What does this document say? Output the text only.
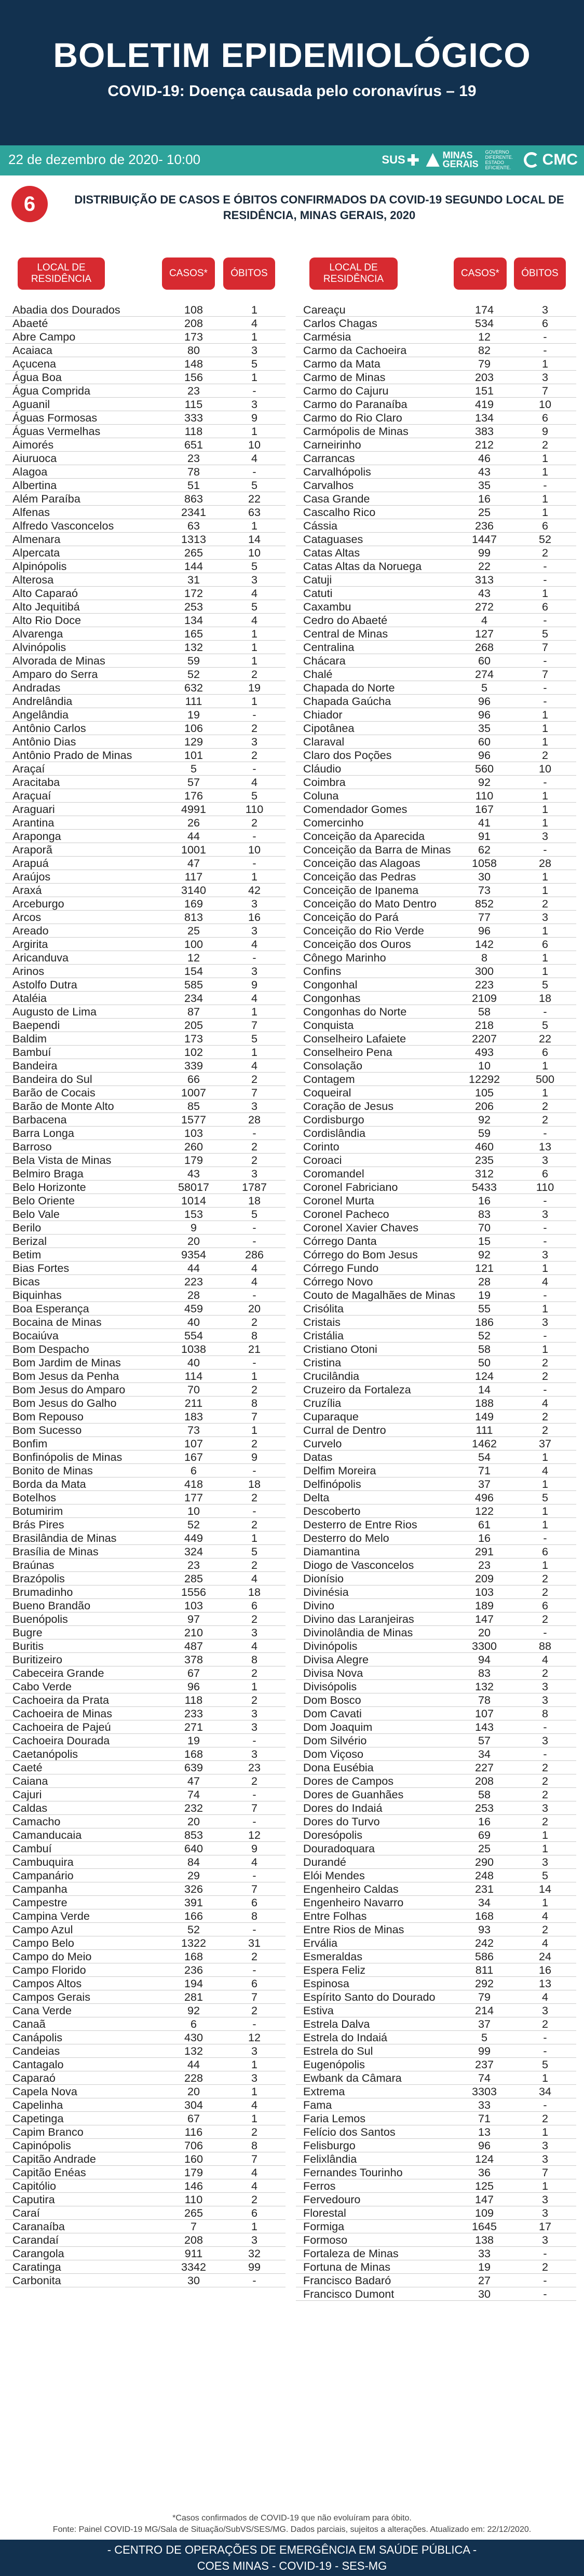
BOLETIM EPIDEMIOLÓGICO
COVID-19: Doença causada pelo coronavírus – 19
22 de dezembro de 2020- 10:00	SUS	MINAS GERAIS
GOVERNO DIFERENTE. ESTADO EFICIENTE.	CMC
6	DISTRIBUIÇÃO DE CASOS E ÓBITOS CONFIRMADOS DA COVID-19 SEGUNDO LOCAL DE RESIDÊNCIA, MINAS GERAIS, 2020
LOCAL DE RESIDÊNCIA
CASOS*	ÓBITOS
LOCAL DE RESIDÊNCIA
CASOS*	ÓBITOS
Abadia dos Dourados	108	1
Abaeté	208	4
Abre Campo	173	1
Acaiaca	80	3
Açucena	148	5
Água Boa	156	1
Água Comprida	23	-
Aguanil	115	3
Águas Formosas	333	9
Águas Vermelhas	118	1
Aimorés	651	10
Aiuruoca	23	4
Alagoa	78	-
Albertina	51	5
Além Paraíba	863	22
Alfenas	2341	63
Alfredo Vasconcelos	63	1
Almenara	1313	14
Alpercata	265	10
Alpinópolis	144	5
Alterosa	31	3
Alto Caparaó	172	4
Alto Jequitibá	253	5
Alto Rio Doce	134	4
Alvarenga	165	1
Alvinópolis	132	1
Alvorada de Minas	59	1
Amparo do Serra	52	2
Andradas	632	19
Andrelândia	111	1
Angelândia	19	-
Antônio Carlos	106	2
Antônio Dias	129	3
Antônio Prado de Minas	101	2
Araçaí	5	-
Aracitaba	57	4
Araçuaí	176	5
Araguari	4991	110
Arantina	26	2
Araponga	44	-
Araporã	1001	10
Arapuá	47	-
Araújos	117	1
Araxá	3140	42
Arceburgo	169	3
Arcos	813	16
Areado	25	3
Argirita	100	4
Aricanduva	12	-
Arinos	154	3
Astolfo Dutra	585	9
Ataléia	234	4
Augusto de Lima	87	1
Baependi	205	7
Baldim	173	5
Bambuí	102	1
Bandeira	339	4
Bandeira do Sul	66	2
Barão de Cocais	1007	7
Barão de Monte Alto	85	3
Barbacena	1577	28
Barra Longa	103	-
Barroso	260	2
Bela Vista de Minas	179	2
Belmiro Braga	43	3
Belo Horizonte	58017	1787
Belo Oriente	1014	18
Belo Vale	153	5
Berilo	9	-
Berizal	20	-
Betim	9354	286
Bias Fortes	44	4
Bicas	223	4
Biquinhas	28	-
Boa Esperança	459	20
Bocaina de Minas	40	2
Bocaiúva	554	8
Bom Despacho	1038	21
Bom Jardim de Minas	40	-
Bom Jesus da Penha	114	1
Bom Jesus do Amparo	70	2
Bom Jesus do Galho	211	8
Bom Repouso	183	7
Bom Sucesso	73	1
Bonfim	107	2
Bonfinópolis de Minas	167	9
Bonito de Minas	6	-
Borda da Mata	418	18
Botelhos	177	2
Botumirim	10	-
Brás Pires	52	2
Brasilândia de Minas	449	1
Brasília de Minas	324	5
Braúnas	23	2
Brazópolis	285	4
Brumadinho	1556	18
Bueno Brandão	103	6
Buenópolis	97	2
Bugre	210	3
Buritis	487	4
Buritizeiro	378	8
Cabeceira Grande	67	2
Cabo Verde	96	1
Cachoeira da Prata	118	2
Cachoeira de Minas	233	3
Cachoeira de Pajeú	271	3
Cachoeira Dourada	19	-
Caetanópolis	168	3
Caeté	639	23
Caiana	47	2
Cajuri	74	-
Caldas	232	7
Camacho	20	-
Camanducaia	853	12
Cambuí	640	9
Cambuquira	84	4
Campanário	29	-
Campanha	326	7
Campestre	391	6
Campina Verde	166	8
Campo Azul	52	-
Campo Belo	1322	31
Campo do Meio	168	2
Campo Florido	236	-
Campos Altos	194	6
Campos Gerais	281	7
Cana Verde	92	2
Canaã	6	-
Canápolis	430	12
Candeias	132	3
Cantagalo	44	1
Caparaó	228	3
Capela Nova	20	1
Capelinha	304	4
Capetinga	67	1
Capim Branco	116	2
Capinópolis	706	8
Capitão Andrade	160	7
Capitão Enéas	179	4
Capitólio	146	4
Caputira	110	2
Caraí	265	6
Caranaíba	7	1
Carandaí	208	3
Carangola	911	32
Caratinga	3342	99
Carbonita	30	-
Careaçu	174	3
Carlos Chagas	534	6
Carmésia	12	-
Carmo da Cachoeira	82	-
Carmo da Mata	79	1
Carmo de Minas	203	3
Carmo do Cajuru	151	7
Carmo do Paranaíba	419	10
Carmo do Rio Claro	134	6
Carmópolis de Minas	383	9
Carneirinho	212	2
Carrancas	46	1
Carvalhópolis	43	1
Carvalhos	35	-
Casa Grande	16	1
Cascalho Rico	25	1
Cássia	236	6
Cataguases	1447	52
Catas Altas	99	2
Catas Altas da Noruega	22	-
Catuji	313	-
Catuti	43	1
Caxambu	272	6
Cedro do Abaeté	4	-
Central de Minas	127	5
Centralina	268	7
Chácara	60	-
Chalé	274	7
Chapada do Norte	5	-
Chapada Gaúcha	96	-
Chiador	96	1
Cipotânea	35	1
Claraval	60	1
Claro dos Poções	96	2
Cláudio	560	10
Coimbra	92	-
Coluna	110	1
Comendador Gomes	167	1
Comercinho	41	1
Conceição da Aparecida	91	3
Conceição da Barra de Minas	62	-
Conceição das Alagoas	1058	28
Conceição das Pedras	30	1
Conceição de Ipanema	73	1
Conceição do Mato Dentro	852	2
Conceição do Pará	77	3
Conceição do Rio Verde	96	1
Conceição dos Ouros	142	6
Cônego Marinho	8	1
Confins	300	1
Congonhal	223	5
Congonhas	2109	18
Congonhas do Norte	58	-
Conquista	218	5
Conselheiro Lafaiete	2207	22
Conselheiro Pena	493	6
Consolação	10	1
Contagem	12292	500
Coqueiral	105	1
Coração de Jesus	206	2
Cordisburgo	92	2
Cordislândia	59	-
Corinto	460	13
Coroaci	235	3
Coromandel	312	6
Coronel Fabriciano	5433	110
Coronel Murta	16	-
Coronel Pacheco	83	3
Coronel Xavier Chaves	70	-
Córrego Danta	15	-
Córrego do Bom Jesus	92	3
Córrego Fundo	121	1
Córrego Novo	28	4
Couto de Magalhães de Minas	19	-
Crisólita	55	1
Cristais	186	3
Cristália	52	-
Cristiano Otoni	58	1
Cristina	50	2
Crucilândia	124	2
Cruzeiro da Fortaleza	14	-
Cruzília	188	4
Cuparaque	149	2
Curral de Dentro	111	2
Curvelo	1462	37
Datas	54	1
Delfim Moreira	71	4
Delfinópolis	37	1
Delta	496	5
Descoberto	122	1
Desterro de Entre Rios	61	1
Desterro do Melo	16	-
Diamantina	291	6
Diogo de Vasconcelos	23	1
Dionísio	209	2
Divinésia	103	2
Divino	189	6
Divino das Laranjeiras	147	2
Divinolândia de Minas	20	-
Divinópolis	3300	88
Divisa Alegre	94	4
Divisa Nova	83	2
Divisópolis	132	3
Dom Bosco	78	3
Dom Cavati	107	8
Dom Joaquim	143	-
Dom Silvério	57	3
Dom Viçoso	34	-
Dona Eusébia	227	2
Dores de Campos	208	2
Dores de Guanhães	58	2
Dores do Indaiá	253	3
Dores do Turvo	16	2
Doresópolis	69	1
Douradoquara	25	1
Durandé	290	3
Elói Mendes	248	5
Engenheiro Caldas	231	14
Engenheiro Navarro	34	1
Entre Folhas	168	4
Entre Rios de Minas	93	2
Ervália	242	4
Esmeraldas	586	24
Espera Feliz	811	16
Espinosa	292	13
Espírito Santo do Dourado	79	4
Estiva	214	3
Estrela Dalva	37	2
Estrela do Indaiá	5	-
Estrela do Sul	99	-
Eugenópolis	237	5
Ewbank da Câmara	74	1
Extrema	3303	34
Fama	33	-
Faria Lemos	71	2
Felício dos Santos	13	1
Felisburgo	96	3
Felixlândia	124	3
Fernandes Tourinho	36	7
Ferros	125	1
Fervedouro	147	3
Florestal	109	3
Formiga	1645	17
Formoso	138	3
Fortaleza de Minas	33	-
Fortuna de Minas	19	2
Francisco Badaró	27	-
Francisco Dumont	30	-
*Casos confirmados de COVID-19 que não evoluíram para óbito.
Fonte: Painel COVID-19 MG/Sala de Situação/SubVS/SES/MG. Dados parciais, sujeitos a alterações. Atualizado em: 22/12/2020.
- CENTRO DE OPERAÇÕES DE EMERGÊNCIA EM SAÚDE PÚBLICA -
COES MINAS - COVID-19 - SES-MG
